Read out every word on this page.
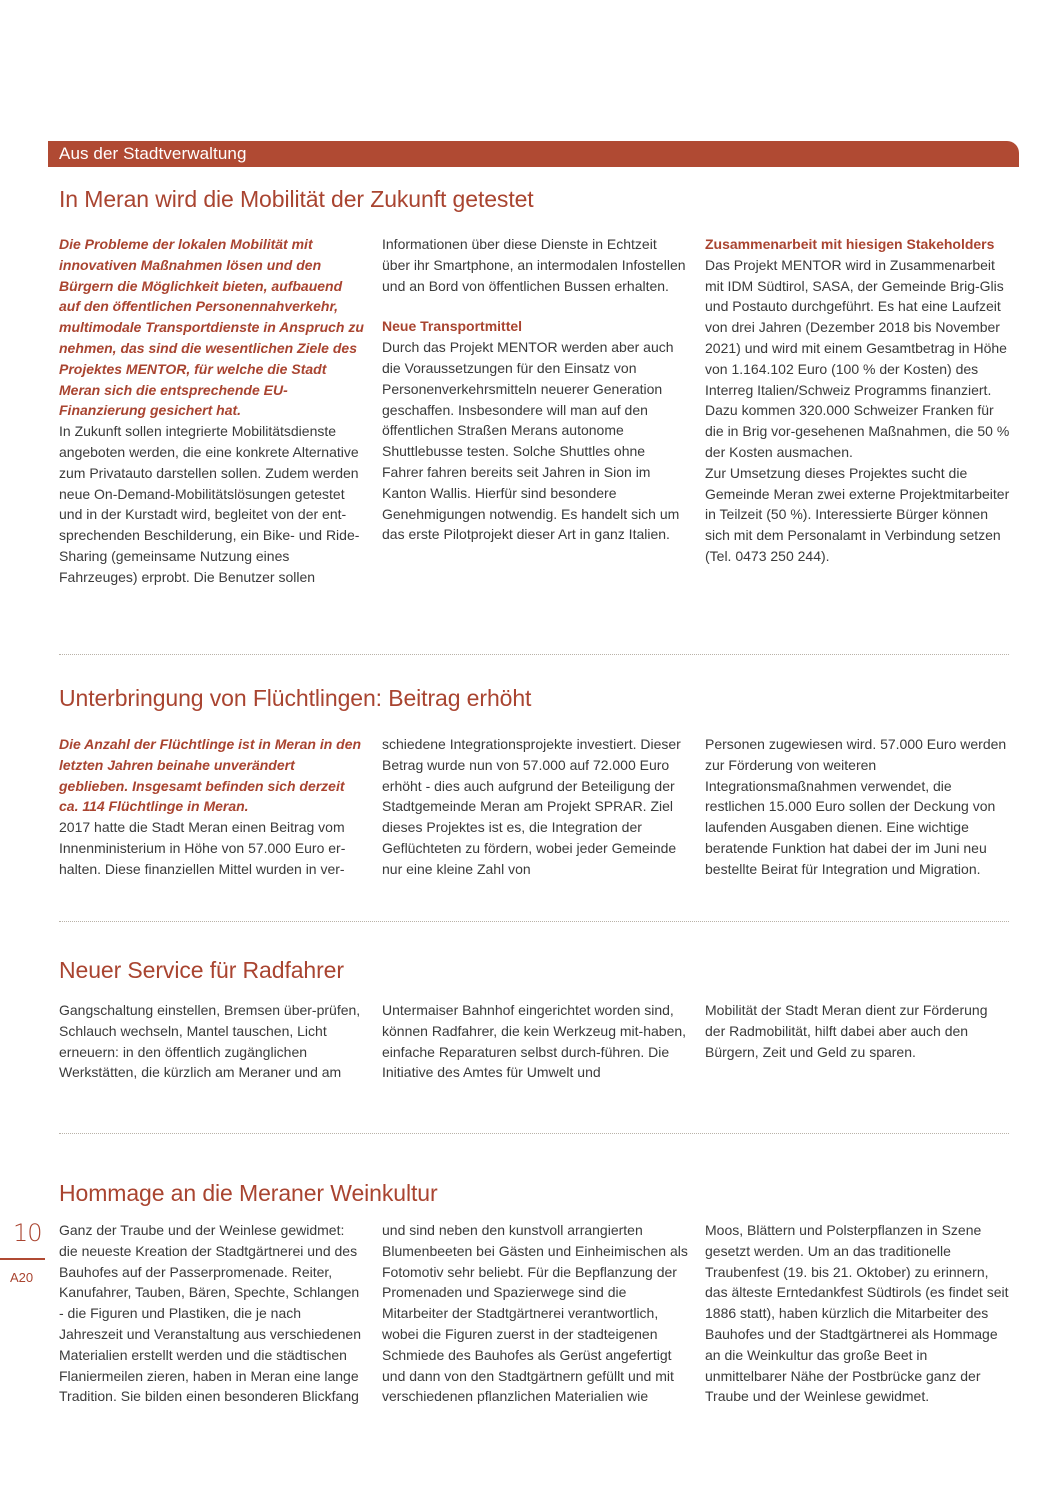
Aus der Stadtverwaltung
In Meran wird die Mobilität der Zukunft getestet

Die Probleme der lokalen Mobilität mit innovativen Maßnahmen lösen und den Bürgern die Möglichkeit bieten, aufbauend auf den öffentlichen Personennahverkehr, multimodale Transportdienste in Anspruch zu nehmen, das sind die wesentlichen Ziele des Projektes MENTOR, für welche die Stadt Meran sich die entsprechende EU-Finanzierung gesichert hat.

In Zukunft sollen integrierte Mobilitätsdienste angeboten werden, die eine konkrete Alternative zum Privatauto darstellen sollen. Zudem werden neue On-Demand-Mobilitätslösungen getestet und in der Kurstadt wird, begleitet von der ent-sprechenden Beschilderung, ein Bike- und Ride-Sharing (gemeinsame Nutzung eines Fahrzeuges) erprobt. Die Benutzer sollen

Informationen über diese Dienste in Echtzeit über ihr Smartphone, an intermodalen Infostellen und an Bord von öffentlichen Bussen erhalten.

Neue Transportmittel

Durch das Projekt MENTOR werden aber auch die Voraussetzungen für den Einsatz von Personenverkehrsmitteln neuerer Generation geschaffen. Insbesondere will man auf den öffentlichen Straßen Merans autonome Shuttlebusse testen. Solche Shuttles ohne Fahrer fahren bereits seit Jahren in Sion im Kanton Wallis. Hierfür sind besondere Genehmigungen notwendig. Es handelt sich um das erste Pilotprojekt dieser Art in ganz Italien.

Zusammenarbeit mit hiesigen Stakeholders

Das Projekt MENTOR wird in Zusammenarbeit mit IDM Südtirol, SASA, der Gemeinde Brig-Glis und Postauto durchgeführt. Es hat eine Laufzeit von drei Jahren (Dezember 2018 bis November 2021) und wird mit einem Gesamtbetrag in Höhe von 1.164.102 Euro (100 % der Kosten) des Interreg Italien/Schweiz Programms finanziert. Dazu kommen 320.000 Schweizer Franken für die in Brig vor-gesehenen Maßnahmen, die 50 % der Kosten ausmachen.

Zur Umsetzung dieses Projektes sucht die Gemeinde Meran zwei externe Projektmitarbeiter in Teilzeit (50 %). Interessierte Bürger können sich mit dem Personalamt in Verbindung setzen (Tel. 0473 250 244).

Unterbringung von Flüchtlingen: Beitrag erhöht

Die Anzahl der Flüchtlinge ist in Meran in den letzten Jahren beinahe unverändert geblieben. Insgesamt befinden sich derzeit ca. 114 Flüchtlinge in Meran.

2017 hatte die Stadt Meran einen Beitrag vom Innenministerium in Höhe von 57.000 Euro er-halten. Diese finanziellen Mittel wurden in ver-

schiedene Integrationsprojekte investiert. Dieser Betrag wurde nun von 57.000 auf 72.000 Euro erhöht - dies auch aufgrund der Beteiligung der Stadtgemeinde Meran am Projekt SPRAR. Ziel dieses Projektes ist es, die Integration der Geflüchteten zu fördern, wobei jeder Gemeinde nur eine kleine Zahl von

Personen zugewiesen wird. 57.000 Euro werden zur Förderung von weiteren Integrationsmaßnahmen verwendet, die restlichen 15.000 Euro sollen der Deckung von laufenden Ausgaben dienen. Eine wichtige beratende Funktion hat dabei der im Juni neu bestellte Beirat für Integration und Migration.

Neuer Service für Radfahrer

Gangschaltung einstellen, Bremsen über-prüfen, Schlauch wechseln, Mantel tauschen, Licht erneuern: in den öffentlich zugänglichen Werkstätten, die kürzlich am Meraner und am

Untermaiser Bahnhof eingerichtet worden sind, können Radfahrer, die kein Werkzeug mit-haben, einfache Reparaturen selbst durch-führen. Die Initiative des Amtes für Umwelt und

Mobilität der Stadt Meran dient zur Förderung der Radmobilität, hilft dabei aber auch den Bürgern, Zeit und Geld zu sparen.

Hommage an die Meraner Weinkultur

Ganz der Traube und der Weinlese gewidmet: die neueste Kreation der Stadtgärtnerei und des Bauhofes auf der Passerpromenade. Reiter, Kanufahrer, Tauben, Bären, Spechte, Schlangen - die Figuren und Plastiken, die je nach Jahreszeit und Veranstaltung aus verschiedenen Materialien erstellt werden und die städtischen Flaniermeilen zieren, haben in Meran eine lange Tradition. Sie bilden einen besonderen Blickfang

und sind neben den kunstvoll arrangierten Blumenbeeten bei Gästen und Einheimischen als Fotomotiv sehr beliebt. Für die Bepflanzung der Promenaden und Spazierwege sind die Mitarbeiter der Stadtgärtnerei verantwortlich, wobei die Figuren zuerst in der stadteigenen Schmiede des Bauhofes als Gerüst angefertigt und dann von den Stadtgärtnern gefüllt und mit verschiedenen pflanzlichen Materialien wie

Moos, Blättern und Polsterpflanzen in Szene gesetzt werden. Um an das traditionelle Traubenfest (19. bis 21. Oktober) zu erinnern, das älteste Erntedankfest Südtirols (es findet seit 1886 statt), haben kürzlich die Mitarbeiter des Bauhofes und der Stadtgärtnerei als Hommage an die Weinkultur das große Beet in unmittelbarer Nähe der Postbrücke ganz der Traube und der Weinlese gewidmet.

10
A20
